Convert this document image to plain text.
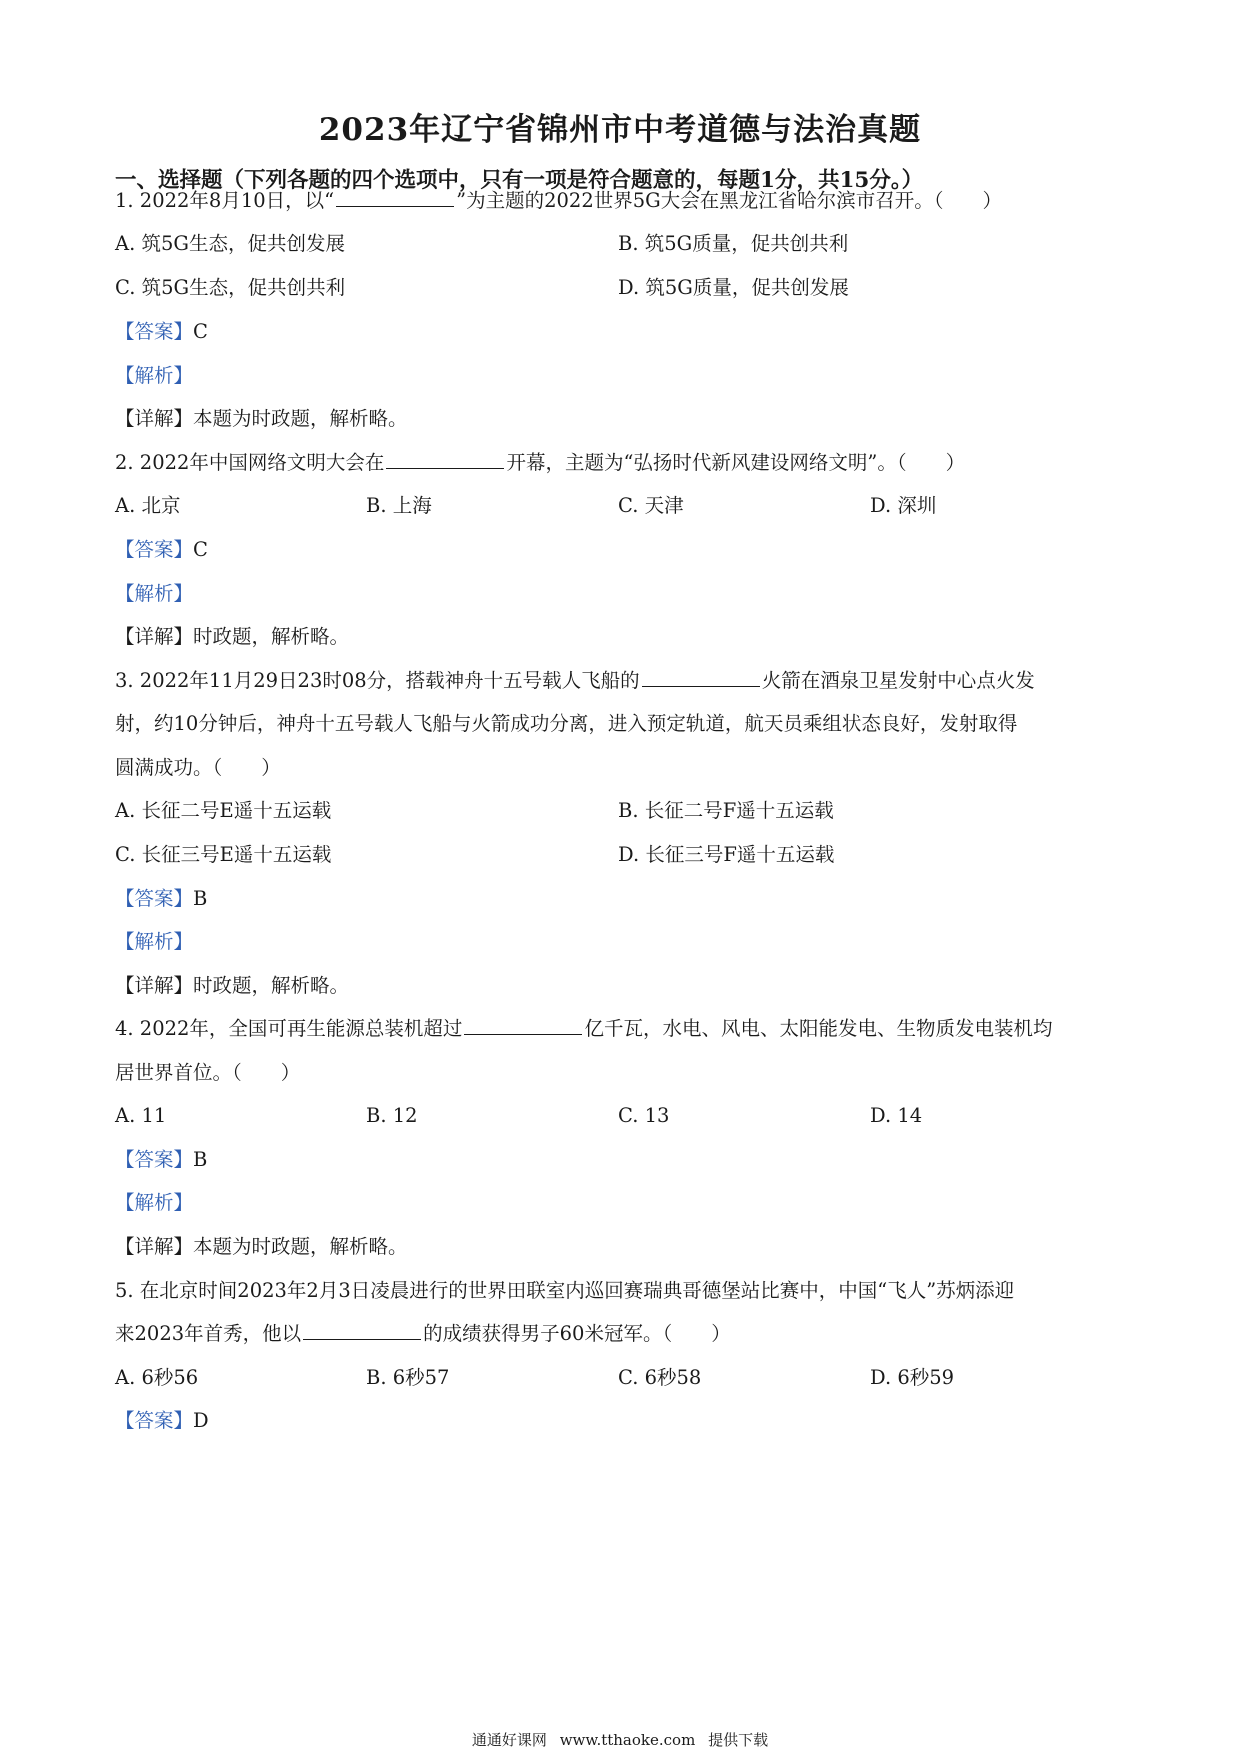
2023年辽宁省锦州市中考道德与法治真题
一、选择题（下列各题的四个选项中，只有一项是符合题意的，每题1分，共15分。）
1. 2022年8月10日，以“	”为主题的2022世界5G大会在黑龙江省哈尔滨市召开。（　　）
A. 筑5G生态，促共创发展	B. 筑5G质量，促共创共利
C. 筑5G生态，促共创共利	D. 筑5G质量，促共创发展
【答案】C
【解析】
【详解】本题为时政题，解析略。
2. 2022年中国网络文明大会在	开幕，主题为“弘扬时代新风建设网络文明”。（　　）
A. 北京	B. 上海	C. 天津	D. 深圳
【答案】C
【解析】
【详解】时政题，解析略。
3. 2022年11月29日23时08分，搭载神舟十五号载人飞船的	火箭在酒泉卫星发射中心点火发
射，约10分钟后，神舟十五号载人飞船与火箭成功分离，进入预定轨道，航天员乘组状态良好，发射取得
圆满成功。（　　）
A. 长征二号E遥十五运载	B. 长征二号F遥十五运载
C. 长征三号E遥十五运载	D. 长征三号F遥十五运载
【答案】B
【解析】
【详解】时政题，解析略。
4. 2022年，全国可再生能源总装机超过	亿千瓦，水电、风电、太阳能发电、生物质发电装机均
居世界首位。（　　）
A. 11	B. 12	C. 13	D. 14
【答案】B
【解析】
【详解】本题为时政题，解析略。
5. 在北京时间2023年2月3日凌晨进行的世界田联室内巡回赛瑞典哥德堡站比赛中，中国“飞人”苏炳添迎
来2023年首秀，他以	的成绩获得男子60米冠军。（　　）
A. 6秒56	B. 6秒57	C. 6秒58	D. 6秒59
【答案】D
通通好课网 www.tthaoke.com 提供下载
